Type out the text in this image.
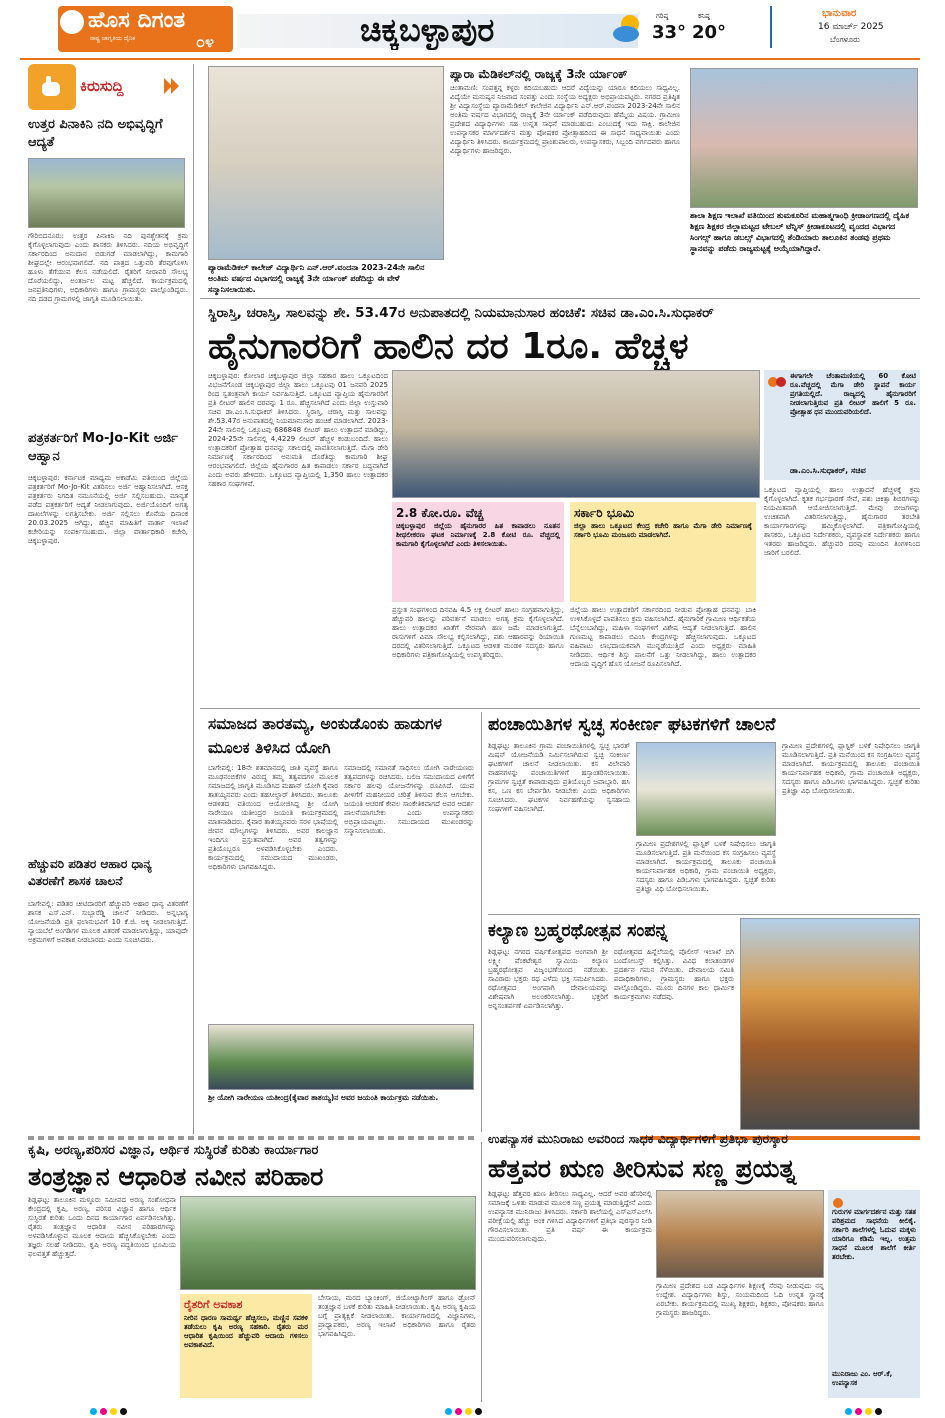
ಹೊಸ ದಿಗಂತ
ರಾಷ್ಟ್ರ ಜಾಗೃತಿಯ ದೈನಿಕ	೦೪	ಚಿಕ್ಕಬಳ್ಳಾಪುರ	ಗರಿಷ್ಠ
33°
ಕನಿಷ್ಠ
20°
ಭಾನುವಾರ
16 ಮಾರ್ಚ್ 2025
ಬೆಂಗಳೂರು
ಕಿರುಸುದ್ದಿ
ಉತ್ತರ ಪಿನಾಕಿನಿ ನದಿ ಅಭಿವೃದ್ಧಿಗೆ ಆದ್ಯತೆ
ಗೌರಿಬಿದನೂರು: ಉತ್ತರ ಪಿನಾಕಿನಿ ನದಿ ಪುನಶ್ಚೇತನಕ್ಕೆ ಕ್ರಮ ಕೈಗೊಳ್ಳಲಾಗುವುದು ಎಂದು ಶಾಸಕರು ತಿಳಿಸಿದರು. ನದಿಯ ಅಭಿವೃದ್ಧಿಗೆ ಸರ್ಕಾರದಿಂದ ಅನುದಾನ ಬಿಡುಗಡೆ ಮಾಡಲಾಗಿದ್ದು, ಕಾಮಗಾರಿ ಶೀಘ್ರದಲ್ಲೇ ಆರಂಭವಾಗಲಿದೆ. ನದಿ ಪಾತ್ರದ ಒತ್ತುವರಿ ತೆರವುಗೊಳಿಸಿ ಹೂಳು ತೆಗೆಯುವ ಕೆಲಸ ನಡೆಯಲಿದೆ. ರೈತರಿಗೆ ನೀರಾವರಿ ಸೌಲಭ್ಯ ದೊರೆಯಲಿದ್ದು, ಅಂತರ್ಜಲ ಮಟ್ಟ ಹೆಚ್ಚಲಿದೆ. ಕಾರ್ಯಕ್ರಮದಲ್ಲಿ ಜನಪ್ರತಿನಿಧಿಗಳು, ಅಧಿಕಾರಿಗಳು ಹಾಗೂ ಗ್ರಾಮಸ್ಥರು ಪಾಲ್ಗೊಂಡಿದ್ದರು. ನದಿ ದಡದ ಗ್ರಾಮಗಳಲ್ಲಿ ಜಾಗೃತಿ ಮೂಡಿಸಲಾಯಿತು.
ಪತ್ರಕರ್ತರಿಗೆ Mo-Jo-Kit ಅರ್ಜಿ ಆಹ್ವಾನ
ಚಿಕ್ಕಬಳ್ಳಾಪುರ: ಕರ್ನಾಟಕ ಮಾಧ್ಯಮ ಅಕಾಡೆಮಿ ವತಿಯಿಂದ ಜಿಲ್ಲೆಯ ಪತ್ರಕರ್ತರಿಗೆ Mo-Jo-Kit ವಿತರಿಸಲು ಅರ್ಜಿ ಆಹ್ವಾನಿಸಲಾಗಿದೆ. ಆಸಕ್ತ ಪತ್ರಕರ್ತರು ನಿಗದಿತ ನಮೂನೆಯಲ್ಲಿ ಅರ್ಜಿ ಸಲ್ಲಿಸಬಹುದು. ಮಾನ್ಯತೆ ಪಡೆದ ಪತ್ರಕರ್ತರಿಗೆ ಆದ್ಯತೆ ನೀಡಲಾಗುವುದು. ಅರ್ಜಿಯೊಂದಿಗೆ ಅಗತ್ಯ ದಾಖಲೆಗಳನ್ನು ಲಗತ್ತಿಸಬೇಕು. ಅರ್ಜಿ ಸಲ್ಲಿಸಲು ಕೊನೆಯ ದಿನಾಂಕ 20.03.2025 ಆಗಿದ್ದು, ಹೆಚ್ಚಿನ ಮಾಹಿತಿಗೆ ವಾರ್ತಾ ಇಲಾಖೆ ಕಚೇರಿಯನ್ನು ಸಂಪರ್ಕಿಸಬಹುದು. ಜಿಲ್ಲಾ ವಾರ್ತಾಧಿಕಾರಿ ಕಚೇರಿ, ಚಿಕ್ಕಬಳ್ಳಾಪುರ.
ಹೆಚ್ಚುವರಿ ಪಡಿತರ ಆಹಾರ ಧಾನ್ಯ ವಿತರಣೆಗೆ ಶಾಸಕ ಚಾಲನೆ
ಬಾಗೇಪಲ್ಲಿ: ಪಡಿತರ ಚೀಟಿದಾರರಿಗೆ ಹೆಚ್ಚುವರಿ ಆಹಾರ ಧಾನ್ಯ ವಿತರಣೆಗೆ ಶಾಸಕ ಎಸ್.ಎನ್. ಸುಬ್ಬಾರೆಡ್ಡಿ ಚಾಲನೆ ನೀಡಿದರು. ಅನ್ನಭಾಗ್ಯ ಯೋಜನೆಯಡಿ ಪ್ರತಿ ಫಲಾನುಭವಿಗೆ 10 ಕೆ.ಜಿ. ಅಕ್ಕಿ ನೀಡಲಾಗುತ್ತಿದೆ. ನ್ಯಾಯಬೆಲೆ ಅಂಗಡಿಗಳ ಮೂಲಕ ವಿತರಣೆ ಮಾಡಲಾಗುತ್ತಿದ್ದು, ಯಾವುದೇ ಅಕ್ರಮಗಳಿಗೆ ಅವಕಾಶ ನೀಡಬಾರದು ಎಂದು ಸೂಚಿಸಿದರು.
ಪ್ಯಾರಾಮೆಡಿಕಲ್ ಕಾಲೇಜ್ ವಿದ್ಯಾರ್ಥಿನಿ ಎನ್.ಆರ್.ವಂದನಾ 2023-24ನೇ ಸಾಲಿನ ಅಂತಿಮ ವರ್ಷದ ವಿಭಾಗದಲ್ಲಿ ರಾಜ್ಯಕ್ಕೆ 3ನೇ ರ್ಯಾಂಕ್ ಪಡೆದಿದ್ದು ಈ ವೇಳೆ ಸನ್ಮಾನಿಸಲಾಯಿತು.
ಪ್ಯಾರಾ ಮೆಡಿಕಲ್‌ನಲ್ಲಿ ರಾಜ್ಯಕ್ಕೆ 3ನೇ ರ್ಯಾಂಕ್
ಚಿಂತಾಮಣಿ: ಸಂಪತ್ತನ್ನ ಕಳ್ಳರು ಕದಿಯಬಹುದು ಆದರೆ ವಿದ್ಯೆಯನ್ನು ಯಾರೂ ಕದಿಯಲು ಸಾಧ್ಯವಿಲ್ಲ. ವಿದ್ಯೆಯೇ ಮನುಷ್ಯನ ನಿಜವಾದ ಸಂಪತ್ತು ಎಂದು ಸಂಸ್ಥೆಯ ಅಧ್ಯಕ್ಷರು ಅಭಿಪ್ರಾಯಪಟ್ಟರು. ನಗರದ ಪ್ರತಿಷ್ಠಿತ ಶ್ರೀ ವಿದ್ಯಾಸಂಸ್ಥೆಯ ಪ್ಯಾರಾಮೆಡಿಕಲ್ ಕಾಲೇಜಿನ ವಿದ್ಯಾರ್ಥಿನಿ ಎನ್.ಆರ್.ವಂದನಾ 2023-24ನೇ ಸಾಲಿನ ಅಂತಿಮ ವರ್ಷದ ವಿಭಾಗದಲ್ಲಿ ರಾಜ್ಯಕ್ಕೆ 3ನೇ ರ್ಯಾಂಕ್ ಪಡೆದಿರುವುದು ಹೆಮ್ಮೆಯ ವಿಷಯ. ಗ್ರಾಮೀಣ ಪ್ರದೇಶದ ವಿದ್ಯಾರ್ಥಿಗಳು ಸಹ ಉನ್ನತ ಸಾಧನೆ ಮಾಡಬಹುದು ಎಂಬುದಕ್ಕೆ ಇದು ಸಾಕ್ಷಿ. ಕಾಲೇಜಿನ ಉಪನ್ಯಾಸಕರ ಮಾರ್ಗದರ್ಶನ ಮತ್ತು ಪೋಷಕರ ಪ್ರೋತ್ಸಾಹದಿಂದ ಈ ಸಾಧನೆ ಸಾಧ್ಯವಾಯಿತು ಎಂದು ವಿದ್ಯಾರ್ಥಿನಿ ತಿಳಿಸಿದರು. ಕಾರ್ಯಕ್ರಮದಲ್ಲಿ ಪ್ರಾಂಶುಪಾಲರು, ಉಪನ್ಯಾಸಕರು, ಸಿಬ್ಬಂದಿ ವರ್ಗದವರು ಹಾಗೂ ವಿದ್ಯಾರ್ಥಿಗಳು ಹಾಜರಿದ್ದರು.
ಶಾಲಾ ಶಿಕ್ಷಣ ಇಲಾಖೆ ವತಿಯಿಂದ ತುಮಕೂರಿನ ಮಹಾತ್ಮಗಾಂಧಿ ಕ್ರೀಡಾಂಗಣದಲ್ಲಿ ದೈಹಿಕ ಶಿಕ್ಷಣ ಶಿಕ್ಷಕರ ಜಿಲ್ಲಾಮಟ್ಟದ ಟೇಬಲ್ ಟೆನ್ನಿಸ್ ಕ್ರೀಡಾಕೂಟದಲ್ಲಿ ವೃಂದದ ವಿಭಾಗದ ಸಿಂಗಲ್ಸ್ ಹಾಗೂ ಡಬಲ್ಸ್ ವಿಭಾಗದಲ್ಲಿ ತೆಂಡಿಯಾರು ತಾಲೂಕಿನ ತಂಡವು ಪ್ರಥಮ ಸ್ಥಾನವನ್ನು ಪಡೆದು ರಾಜ್ಯಮಟ್ಟಕ್ಕೆ ಆಯ್ಕೆಯಾಗಿದ್ದಾರೆ.
ಸ್ಥಿರಾಸ್ತಿ, ಚರಾಸ್ತಿ, ಸಾಲವನ್ನು ಶೇ. 53.47ರ ಅನುಪಾತದಲ್ಲಿ ನಿಯಮಾನುಸಾರ ಹಂಚಿಕೆ: ಸಚಿವ ಡಾ.ಎಂ.ಸಿ.ಸುಧಾಕರ್
ಹೈನುಗಾರರಿಗೆ ಹಾಲಿನ ದರ 1ರೂ. ಹೆಚ್ಚಳ
ಚಿಕ್ಕಬಳ್ಳಾಪುರ: ಕೋಲಾರ ಚಿಕ್ಕಬಳ್ಳಾಪುರ ಜಿಲ್ಲಾ ಸಹಕಾರ ಹಾಲು ಒಕ್ಕೂಟದಿಂದ ವಿಭಜನೆಗೊಂಡ ಚಿಕ್ಕಬಳ್ಳಾಪುರ ಜಿಲ್ಲಾ ಹಾಲು ಒಕ್ಕೂಟವು 01 ಜನವರಿ 2025 ರಿಂದ ಸ್ವತಂತ್ರವಾಗಿ ಕಾರ್ಯ ನಿರ್ವಹಿಸುತ್ತಿದೆ. ಒಕ್ಕೂಟದ ವ್ಯಾಪ್ತಿಯ ಹೈನುಗಾರರಿಗೆ ಪ್ರತಿ ಲೀಟರ್ ಹಾಲಿನ ದರವನ್ನು 1 ರೂ. ಹೆಚ್ಚಿಸಲಾಗಿದೆ ಎಂದು ಜಿಲ್ಲಾ ಉಸ್ತುವಾರಿ ಸಚಿವ ಡಾ.ಎಂ.ಸಿ.ಸುಧಾಕರ್ ತಿಳಿಸಿದರು. ಸ್ಥಿರಾಸ್ತಿ, ಚರಾಸ್ತಿ ಮತ್ತು ಸಾಲವನ್ನು ಶೇ.53.47ರ ಅನುಪಾತದಲ್ಲಿ ನಿಯಮಾನುಸಾರ ಹಂಚಿಕೆ ಮಾಡಲಾಗಿದೆ. 2023-24ನೇ ಸಾಲಿನಲ್ಲಿ ಒಕ್ಕೂಟವು 686848 ಲೀಟರ್ ಹಾಲು ಉತ್ಪಾದನೆ ಮಾಡಿದ್ದು, 2024-25ನೇ ಸಾಲಿನಲ್ಲಿ 4,4229 ಲೀಟರ್ ಹೆಚ್ಚಳ ಕಂಡುಬಂದಿದೆ. ಹಾಲು ಉತ್ಪಾದಕರಿಗೆ ಪ್ರೋತ್ಸಾಹ ಧನವನ್ನು ಸಕಾಲದಲ್ಲಿ ಪಾವತಿಸಲಾಗುತ್ತಿದೆ. ಮೆಗಾ ಡೇರಿ ನಿರ್ಮಾಣಕ್ಕೆ ಸರ್ಕಾರದಿಂದ ಅನುಮತಿ ದೊರೆತಿದ್ದು ಕಾಮಗಾರಿ ಶೀಘ್ರ ಆರಂಭವಾಗಲಿದೆ. ಜಿಲ್ಲೆಯ ಹೈನುಗಾರರ ಹಿತ ಕಾಪಾಡಲು ಸರ್ಕಾರ ಬದ್ಧವಾಗಿದೆ ಎಂದು ಅವರು ಹೇಳಿದರು. ಒಕ್ಕೂಟದ ವ್ಯಾಪ್ತಿಯಲ್ಲಿ 1,350 ಹಾಲು ಉತ್ಪಾದಕರ ಸಹಕಾರ ಸಂಘಗಳಿವೆ.
2.8 ಕೋ.ರೂ. ವೆಚ್ಚ
ಚಿಕ್ಕಬಳ್ಳಾಪುರ ಜಿಲ್ಲೆಯ ಹೈನುಗಾರರ ಹಿತ ಕಾಪಾಡಲು ನೂತನ ಶೀಥಲೀಕರಣ ಘಟಕ ನಿರ್ಮಾಣಕ್ಕೆ 2.8 ಕೋಟಿ ರೂ. ವೆಚ್ಚದಲ್ಲಿ ಕಾಮಗಾರಿ ಕೈಗೊಳ್ಳಲಾಗಿದೆ ಎಂದು ತಿಳಿಸಲಾಯಿತು.
ಸರ್ಕಾರಿ ಭೂಮಿ
ಜಿಲ್ಲಾ ಹಾಲು ಒಕ್ಕೂಟದ ಕೇಂದ್ರ ಕಚೇರಿ ಹಾಗೂ ಮೆಗಾ ಡೇರಿ ನಿರ್ಮಾಣಕ್ಕೆ ಸರ್ಕಾರಿ ಭೂಮಿ ಮಂಜೂರು ಮಾಡಲಾಗಿದೆ.
ಪ್ರಸ್ತುತ ಸಂಘಗಳಿಂದ ದಿನವಹಿ 4.5 ಲಕ್ಷ ಲೀಟರ್ ಹಾಲು ಸಂಗ್ರಹವಾಗುತ್ತಿದ್ದು, ಹೆಚ್ಚುವರಿ ಹಾಲನ್ನು ಪರಿವರ್ತನೆ ಮಾಡಲು ಅಗತ್ಯ ಕ್ರಮ ಕೈಗೊಳ್ಳಲಾಗಿದೆ. ಹಾಲು ಉತ್ಪಾದಕರ ಖಾತೆಗೆ ನೇರವಾಗಿ ಹಣ ಜಮೆ ಮಾಡಲಾಗುತ್ತಿದೆ. ರಾಸುಗಳಿಗೆ ವಿಮಾ ಸೌಲಭ್ಯ ಕಲ್ಪಿಸಲಾಗಿದ್ದು, ಪಶು ಆಹಾರವನ್ನು ರಿಯಾಯಿತಿ ದರದಲ್ಲಿ ವಿತರಿಸಲಾಗುತ್ತಿದೆ. ಒಕ್ಕೂಟದ ಆಡಳಿತ ಮಂಡಳಿ ಸದಸ್ಯರು ಹಾಗೂ ಅಧಿಕಾರಿಗಳು ಪತ್ರಿಕಾಗೋಷ್ಠಿಯಲ್ಲಿ ಉಪಸ್ಥಿತರಿದ್ದರು.
ಜಿಲ್ಲೆಯ ಹಾಲು ಉತ್ಪಾದಕರಿಗೆ ಸರ್ಕಾರದಿಂದ ನೀಡುವ ಪ್ರೋತ್ಸಾಹ ಧನವನ್ನು ಬಾಕಿ ಉಳಿಸಿಕೊಳ್ಳದೆ ಪಾವತಿಸಲು ಕ್ರಮ ವಹಿಸಲಾಗಿದೆ. ಹೈನುಗಾರಿಕೆ ಗ್ರಾಮೀಣ ಆರ್ಥಿಕತೆಯ ಬೆನ್ನೆಲುಬಾಗಿದ್ದು, ಮಹಿಳಾ ಸಂಘಗಳಿಗೆ ವಿಶೇಷ ಆದ್ಯತೆ ನೀಡಲಾಗುತ್ತಿದೆ. ಹಾಲಿನ ಗುಣಮಟ್ಟ ಕಾಪಾಡಲು ಬಿಎಂಸಿ ಕೇಂದ್ರಗಳನ್ನು ಹೆಚ್ಚಿಸಲಾಗುವುದು. ಒಕ್ಕೂಟದ ವಹಿವಾಟು ಲಾಭದಾಯಕವಾಗಿ ಮುನ್ನಡೆಯುತ್ತಿದೆ ಎಂದು ಅಧ್ಯಕ್ಷರು ಮಾಹಿತಿ ನೀಡಿದರು. ಆರ್ಥಿಕ ಶಿಸ್ತು ಪಾಲನೆಗೆ ಒತ್ತು ನೀಡಲಾಗಿದ್ದು, ಹಾಲು ಉತ್ಪಾದಕರ ಆದಾಯ ವೃದ್ಧಿಗೆ ಹೊಸ ಯೋಜನೆ ರೂಪಿಸಲಾಗಿದೆ.
ಈಗಾಗಲೇ ಚೆಂತಾಮಣಿಯಲ್ಲಿ 60 ಕೋಟಿ ರೂ.ವೆಚ್ಚದಲ್ಲಿ ಮೆಗಾ ಡೇರಿ ಸ್ಥಾಪನೆ ಕಾರ್ಯ ಪ್ರಗತಿಯಲ್ಲಿದೆ. ರಾಜ್ಯದಲ್ಲಿ ಹೈನುಗಾರರಿಗೆ ನೀಡಲಾಗುತ್ತಿರುವ ಪ್ರತಿ ಲೀಟರ್ ಹಾಲಿಗೆ 5 ರೂ. ಪ್ರೋತ್ಸಾಹ ಧನ ಮುಂದುವರಿಯಲಿದೆ.
ಡಾ.ಎಂ.ಸಿ.ಸುಧಾಕರ್, ಸಚಿವ
ಒಕ್ಕೂಟದ ವ್ಯಾಪ್ತಿಯಲ್ಲಿ ಹಾಲು ಉತ್ಪಾದನೆ ಹೆಚ್ಚಳಕ್ಕೆ ಕ್ರಮ ಕೈಗೊಳ್ಳಲಾಗಿದೆ. ಕೃತಕ ಗರ್ಭಧಾರಣೆ ಸೇವೆ, ಪಶು ಚಿಕಿತ್ಸಾ ಶಿಬಿರಗಳನ್ನು ನಿಯಮಿತವಾಗಿ ಆಯೋಜಿಸಲಾಗುತ್ತಿದೆ. ಮೇವು ಬೀಜಗಳನ್ನು ಉಚಿತವಾಗಿ ವಿತರಿಸಲಾಗುತ್ತಿದ್ದು, ಹೈನುಗಾರರ ತರಬೇತಿ ಕಾರ್ಯಾಗಾರಗಳನ್ನು ಹಮ್ಮಿಕೊಳ್ಳಲಾಗಿದೆ. ಪತ್ರಿಕಾಗೋಷ್ಠಿಯಲ್ಲಿ ಶಾಸಕರು, ಒಕ್ಕೂಟದ ನಿರ್ದೇಶಕರು, ವ್ಯವಸ್ಥಾಪಕ ನಿರ್ದೇಶಕರು ಹಾಗೂ ಇತರರು ಹಾಜರಿದ್ದರು. ಹೆಚ್ಚುವರಿ ದರವು ಮುಂದಿನ ತಿಂಗಳಿನಿಂದ ಜಾರಿಗೆ ಬರಲಿದೆ.
ಸಮಾಜದ ತಾರತಮ್ಯ, ಅಂಕುಡೊಂಕು ಹಾಡುಗಳ ಮೂಲಕ ತಿಳಿಸಿದ ಯೋಗಿ
ಬಾಗೇಪಲ್ಲಿ: 18ನೇ ಶತಮಾನದಲ್ಲಿ ಜಾತಿ ವ್ಯವಸ್ಥೆ ಹಾಗೂ ಮೂಢನಂಬಿಕೆಗಳ ವಿರುದ್ಧ ತಮ್ಮ ತತ್ವಪದಗಳ ಮೂಲಕ ಸಮಾಜದಲ್ಲಿ ಜಾಗೃತಿ ಮೂಡಿಸಿದ ಮಹಾನ್ ಯೋಗಿ ಕೈವಾರ ತಾತಯ್ಯನವರು ಎಂದು ತಹಸೀಲ್ದಾರ್ ತಿಳಿಸಿದರು. ತಾಲೂಕು ಆಡಳಿತದ ವತಿಯಿಂದ ಆಯೋಜಿಸಿದ್ದ ಶ್ರೀ ಯೋಗಿ ನಾರೇಯಣ ಯತೀಂದ್ರರ ಜಯಂತಿ ಕಾರ್ಯಕ್ರಮದಲ್ಲಿ ಮಾತನಾಡಿದರು. ಕೈವಾರ ತಾತಯ್ಯನವರು ಸರಳ ಭಾಷೆಯಲ್ಲಿ ಜೀವನ ಮೌಲ್ಯಗಳನ್ನು ತಿಳಿಸಿದರು. ಅವರ ಕಾಲಜ್ಞಾನ ಇಂದಿಗೂ ಪ್ರಸ್ತುತವಾಗಿದೆ. ಅವರ ತತ್ವಗಳನ್ನು ಪ್ರತಿಯೊಬ್ಬರೂ ಅಳವಡಿಸಿಕೊಳ್ಳಬೇಕು ಎಂದರು. ಕಾರ್ಯಕ್ರಮದಲ್ಲಿ ಸಮುದಾಯದ ಮುಖಂಡರು, ಅಧಿಕಾರಿಗಳು ಭಾಗವಹಿಸಿದ್ದರು.
ಸಮಾಜದಲ್ಲಿ ಸಮಾನತೆ ಸಾಧಿಸಲು ಯೋಗಿ ನಾರೇಯಣರು ತತ್ವಪದಗಳನ್ನು ರಚಿಸಿದರು. ಬಲಿಜ ಸಮುದಾಯದ ಏಳಿಗೆಗೆ ಸರ್ಕಾರ ಹಲವು ಯೋಜನೆಗಳನ್ನು ರೂಪಿಸಿದೆ. ಯುವ ಪೀಳಿಗೆಗೆ ಮಹನೀಯರ ಚರಿತ್ರೆ ತಿಳಿಸುವ ಕೆಲಸ ಆಗಬೇಕು. ಜಯಂತಿ ಆಚರಣೆ ಕೇವಲ ಸಾಂಕೇತಿಕವಾಗದೆ ಅವರ ಆದರ್ಶ ಪಾಲನೆಯಾಗಬೇಕು ಎಂದು ಉಪನ್ಯಾಸಕರು ಅಭಿಪ್ರಾಯಪಟ್ಟರು. ಸಮುದಾಯದ ಮುಖಂಡರನ್ನು ಸನ್ಮಾನಿಸಲಾಯಿತು.
ಶ್ರೀ ಯೋಗಿ ನಾರೇಯಣ ಯತೀಂದ್ರ(ಕೈವಾರ ತಾತಯ್ಯ)ನ ಅವರ ಜಯಂತಿ ಕಾರ್ಯಕ್ರಮ ನಡೆಯಿತು.
ಪಂಚಾಯಿತಿಗಳ ಸ್ವಚ್ಛ ಸಂಕೀರ್ಣ ಘಟಕಗಳಿಗೆ ಚಾಲನೆ
ಶಿಡ್ಲಘಟ್ಟ: ತಾಲೂಕಿನ ಗ್ರಾಮ ಪಂಚಾಯಿತಿಗಳಲ್ಲಿ ಸ್ವಚ್ಛ ಭಾರತ್ ಮಿಷನ್ ಯೋಜನೆಯಡಿ ನಿರ್ಮಿಸಲಾಗಿರುವ ಸ್ವಚ್ಛ ಸಂಕೀರ್ಣ ಘಟಕಗಳಿಗೆ ಚಾಲನೆ ನೀಡಲಾಯಿತು. ಕಸ ವಿಲೇವಾರಿ ವಾಹನಗಳನ್ನು ಪಂಚಾಯಿತಿಗಳಿಗೆ ಹಸ್ತಾಂತರಿಸಲಾಯಿತು. ಗ್ರಾಮಗಳ ಸ್ವಚ್ಛತೆ ಕಾಪಾಡುವುದು ಪ್ರತಿಯೊಬ್ಬರ ಜವಾಬ್ದಾರಿ. ಹಸಿ ಕಸ, ಒಣ ಕಸ ಬೇರ್ಪಡಿಸಿ ನೀಡಬೇಕು ಎಂದು ಅಧಿಕಾರಿಗಳು ಸೂಚಿಸಿದರು. ಘಟಕಗಳ ನಿರ್ವಹಣೆಯನ್ನು ಸ್ವಸಹಾಯ ಸಂಘಗಳಿಗೆ ವಹಿಸಲಾಗಿದೆ.
ಗ್ರಾಮೀಣ ಪ್ರದೇಶಗಳಲ್ಲಿ ಪ್ಲಾಸ್ಟಿಕ್ ಬಳಕೆ ನಿಷೇಧಿಸಲು ಜಾಗೃತಿ ಮೂಡಿಸಲಾಗುತ್ತಿದೆ. ಪ್ರತಿ ಮನೆಯಿಂದ ಕಸ ಸಂಗ್ರಹಿಸಲು ವ್ಯವಸ್ಥೆ ಮಾಡಲಾಗಿದೆ. ಕಾರ್ಯಕ್ರಮದಲ್ಲಿ ತಾಲೂಕು ಪಂಚಾಯಿತಿ ಕಾರ್ಯನಿರ್ವಾಹಕ ಅಧಿಕಾರಿ, ಗ್ರಾಮ ಪಂಚಾಯಿತಿ ಅಧ್ಯಕ್ಷರು, ಸದಸ್ಯರು ಹಾಗೂ ಪಿಡಿಒಗಳು ಭಾಗವಹಿಸಿದ್ದರು. ಸ್ವಚ್ಛತೆ ಕುರಿತು ಪ್ರತಿಜ್ಞಾ ವಿಧಿ ಬೋಧಿಸಲಾಯಿತು.
ಗ್ರಾಮೀಣ ಪ್ರದೇಶಗಳಲ್ಲಿ ಪ್ಲಾಸ್ಟಿಕ್ ಬಳಕೆ ನಿಷೇಧಿಸಲು ಜಾಗೃತಿ ಮೂಡಿಸಲಾಗುತ್ತಿದೆ. ಪ್ರತಿ ಮನೆಯಿಂದ ಕಸ ಸಂಗ್ರಹಿಸಲು ವ್ಯವಸ್ಥೆ ಮಾಡಲಾಗಿದೆ. ಕಾರ್ಯಕ್ರಮದಲ್ಲಿ ತಾಲೂಕು ಪಂಚಾಯಿತಿ ಕಾರ್ಯನಿರ್ವಾಹಕ ಅಧಿಕಾರಿ, ಗ್ರಾಮ ಪಂಚಾಯಿತಿ ಅಧ್ಯಕ್ಷರು, ಸದಸ್ಯರು ಹಾಗೂ ಪಿಡಿಒಗಳು ಭಾಗವಹಿಸಿದ್ದರು. ಸ್ವಚ್ಛತೆ ಕುರಿತು ಪ್ರತಿಜ್ಞಾ ವಿಧಿ ಬೋಧಿಸಲಾಯಿತು.
ಕಲ್ಯಾಣ ಬ್ರಹ್ಮರಥೋತ್ಸವ ಸಂಪನ್ನ
ಶಿಡ್ಲಘಟ್ಟ: ನಗರದ ವರ್ಷಿಕೋತ್ಸವದ ಅಂಗವಾಗಿ ಶ್ರೀ ಲಕ್ಷ್ಮೀ ವೆಂಕಟೇಶ್ವರ ಸ್ವಾಮಿಯ ಕಲ್ಯಾಣ ಬ್ರಹ್ಮರಥೋತ್ಸವ ವಿಜೃಂಭಣೆಯಿಂದ ನಡೆಯಿತು. ಸಾವಿರಾರು ಭಕ್ತರು ರಥ ಎಳೆದು ಭಕ್ತಿ ಸಮರ್ಪಿಸಿದರು. ರಥೋತ್ಸವದ ಅಂಗವಾಗಿ ದೇವಾಲಯವನ್ನು ವಿಶೇಷವಾಗಿ ಅಲಂಕರಿಸಲಾಗಿತ್ತು. ಭಕ್ತರಿಗೆ ಅನ್ನಸಂತರ್ಪಣೆ ಏರ್ಪಡಿಸಲಾಗಿತ್ತು.
ರಥೋತ್ಸವದ ಹಿನ್ನೆಲೆಯಲ್ಲಿ ಪೊಲೀಸ್ ಇಲಾಖೆ ಬಿಗಿ ಬಂದೋಬಸ್ತ್ ಕಲ್ಪಿಸಿತ್ತು. ವಿವಿಧ ಕಲಾತಂಡಗಳ ಪ್ರದರ್ಶನ ಗಮನ ಸೆಳೆಯಿತು. ದೇವಾಲಯ ಸಮಿತಿ ಪದಾಧಿಕಾರಿಗಳು, ಗ್ರಾಮಸ್ಥರು ಹಾಗೂ ಭಕ್ತರು ಪಾಲ್ಗೊಂಡಿದ್ದರು. ಮೂರು ದಿನಗಳ ಕಾಲ ಧಾರ್ಮಿಕ ಕಾರ್ಯಕ್ರಮಗಳು ನಡೆದವು.
ಕೃಷಿ, ಅರಣ್ಯ,ಪರಿಸರ ವಿಜ್ಞಾನ, ಆರ್ಥಿಕ ಸುಸ್ಥಿರತೆ ಕುರಿತು ಕಾರ್ಯಾಗಾರ
ತಂತ್ರಜ್ಞಾನ ಆಧಾರಿತ ನವೀನ ಪರಿಹಾರ
ಶಿಡ್ಲಘಟ್ಟ: ತಾಲೂಕಿನ ಮಳ್ಳೂರು ಸಮೀಪದ ಅರಣ್ಯ ಸಂಶೋಧನಾ ಕೇಂದ್ರದಲ್ಲಿ ಕೃಷಿ, ಅರಣ್ಯ, ಪರಿಸರ ವಿಜ್ಞಾನ ಹಾಗೂ ಆರ್ಥಿಕ ಸುಸ್ಥಿರತೆ ಕುರಿತು ಒಂದು ದಿನದ ಕಾರ್ಯಾಗಾರ ಏರ್ಪಡಿಸಲಾಗಿತ್ತು. ರೈತರು ತಂತ್ರಜ್ಞಾನ ಆಧಾರಿತ ನವೀನ ಪರಿಹಾರಗಳನ್ನು ಅಳವಡಿಸಿಕೊಳ್ಳುವ ಮೂಲಕ ಆದಾಯ ಹೆಚ್ಚಿಸಿಕೊಳ್ಳಬೇಕು ಎಂದು ತಜ್ಞರು ಸಲಹೆ ನೀಡಿದರು. ಕೃಷಿ ಅರಣ್ಯ ಪದ್ಧತಿಯಿಂದ ಭೂಮಿಯ ಫಲವತ್ತತೆ ಹೆಚ್ಚುತ್ತದೆ.
ರೈತರಿಗೆ ಅವಕಾಶ
ನೀರಿನ ಧಾರಣ ಸಾಮರ್ಥ್ಯ ಹೆಚ್ಚಿಸಲು, ಮಣ್ಣಿನ ಸವಕಳಿ ತಡೆಯಲು ಕೃಷಿ ಅರಣ್ಯ ಸಹಕಾರಿ. ರೈತರು ಮರ ಆಧಾರಿತ ಕೃಷಿಯಿಂದ ಹೆಚ್ಚುವರಿ ಆದಾಯ ಗಳಿಸಲು ಅವಕಾಶವಿದೆ.
ಬೇಸಾಯ, ಮರದ ಬ್ಯಾಂಕಿಂಗ್, ಜಿಯೋಟ್ಯಾಗಿಂಗ್ ಹಾಗೂ ಡ್ರೋನ್ ತಂತ್ರಜ್ಞಾನ ಬಳಕೆ ಕುರಿತು ಮಾಹಿತಿ ನೀಡಲಾಯಿತು. ಕೃಷಿ ಅರಣ್ಯ ಕೃಷಿಯ ಬಗ್ಗೆ ಪ್ರಾತ್ಯಕ್ಷಿಕೆ ನೀಡಲಾಯಿತು. ಕಾರ್ಯಾಗಾರದಲ್ಲಿ ವಿಜ್ಞಾನಿಗಳು, ಪ್ರಾಧ್ಯಾಪಕರು, ಅರಣ್ಯ ಇಲಾಖೆ ಅಧಿಕಾರಿಗಳು ಹಾಗೂ ರೈತರು ಭಾಗವಹಿಸಿದ್ದರು.
ಉಪನ್ಯಾಸಕ ಮುನಿರಾಜು ಅವರಿಂದ ಸಾಧಕ ವಿದ್ಯಾರ್ಥಿಗಳಿಗೆ ಪ್ರತಿಭಾ ಪುರಸ್ಕಾರ
ಹೆತ್ತವರ ಋಣ ತೀರಿಸುವ ಸಣ್ಣ ಪ್ರಯತ್ನ
ಶಿಡ್ಲಘಟ್ಟ: ಹೆತ್ತವರ ಋಣ ತೀರಿಸಲು ಸಾಧ್ಯವಿಲ್ಲ. ಆದರೆ ಅವರ ಹೆಸರಿನಲ್ಲಿ ಸಮಾಜಕ್ಕೆ ಒಳಿತು ಮಾಡುವ ಮೂಲಕ ಸಣ್ಣ ಪ್ರಯತ್ನ ಮಾಡುತ್ತಿದ್ದೇನೆ ಎಂದು ಉಪನ್ಯಾಸಕ ಮುನಿರಾಜು ತಿಳಿಸಿದರು. ಸರ್ಕಾರಿ ಶಾಲೆಯಲ್ಲಿ ಎಸ್‌ಎಸ್‌ಎಲ್‌ಸಿ ಪರೀಕ್ಷೆಯಲ್ಲಿ ಹೆಚ್ಚು ಅಂಕ ಗಳಿಸಿದ ವಿದ್ಯಾರ್ಥಿಗಳಿಗೆ ಪ್ರತಿಭಾ ಪುರಸ್ಕಾರ ನೀಡಿ ಗೌರವಿಸಲಾಯಿತು. ಪ್ರತಿ ವರ್ಷ ಈ ಕಾರ್ಯಕ್ರಮ ಮುಂದುವರಿಸಲಾಗುವುದು.
ಗ್ರಾಮೀಣ ಪ್ರದೇಶದ ಬಡ ವಿದ್ಯಾರ್ಥಿಗಳ ಶಿಕ್ಷಣಕ್ಕೆ ನೆರವು ನೀಡುವುದು ನನ್ನ ಉದ್ದೇಶ. ವಿದ್ಯಾರ್ಥಿಗಳು ಶಿಸ್ತು, ಸಂಯಮದಿಂದ ಓದಿ ಉನ್ನತ ಸ್ಥಾನಕ್ಕೆ ಏರಬೇಕು. ಕಾರ್ಯಕ್ರಮದಲ್ಲಿ ಮುಖ್ಯ ಶಿಕ್ಷಕರು, ಶಿಕ್ಷಕರು, ಪೋಷಕರು ಹಾಗೂ ಗ್ರಾಮಸ್ಥರು ಹಾಜರಿದ್ದರು.
ಗುರುಗಳ ಮಾರ್ಗದರ್ಶನ ಮತ್ತು ಸತತ ಪರಿಶ್ರಮದ ಸಾಧನೆಯ ಕೀಲಿಕೈ. ಸರ್ಕಾರಿ ಶಾಲೆಗಳಲ್ಲಿ ಓದುವ ಮಕ್ಕಳು ಯಾರಿಗೂ ಕಡಿಮೆ ಇಲ್ಲ. ಉತ್ತಮ ಸಾಧನೆ ಮೂಲಕ ಶಾಲೆಗೆ ಕೀರ್ತಿ ತರಬೇಕು.
ಮುನಿರಾಜು ಎಂ. ಆರ್‌.ಕೆ, ಉಪನ್ಯಾಸಕ
